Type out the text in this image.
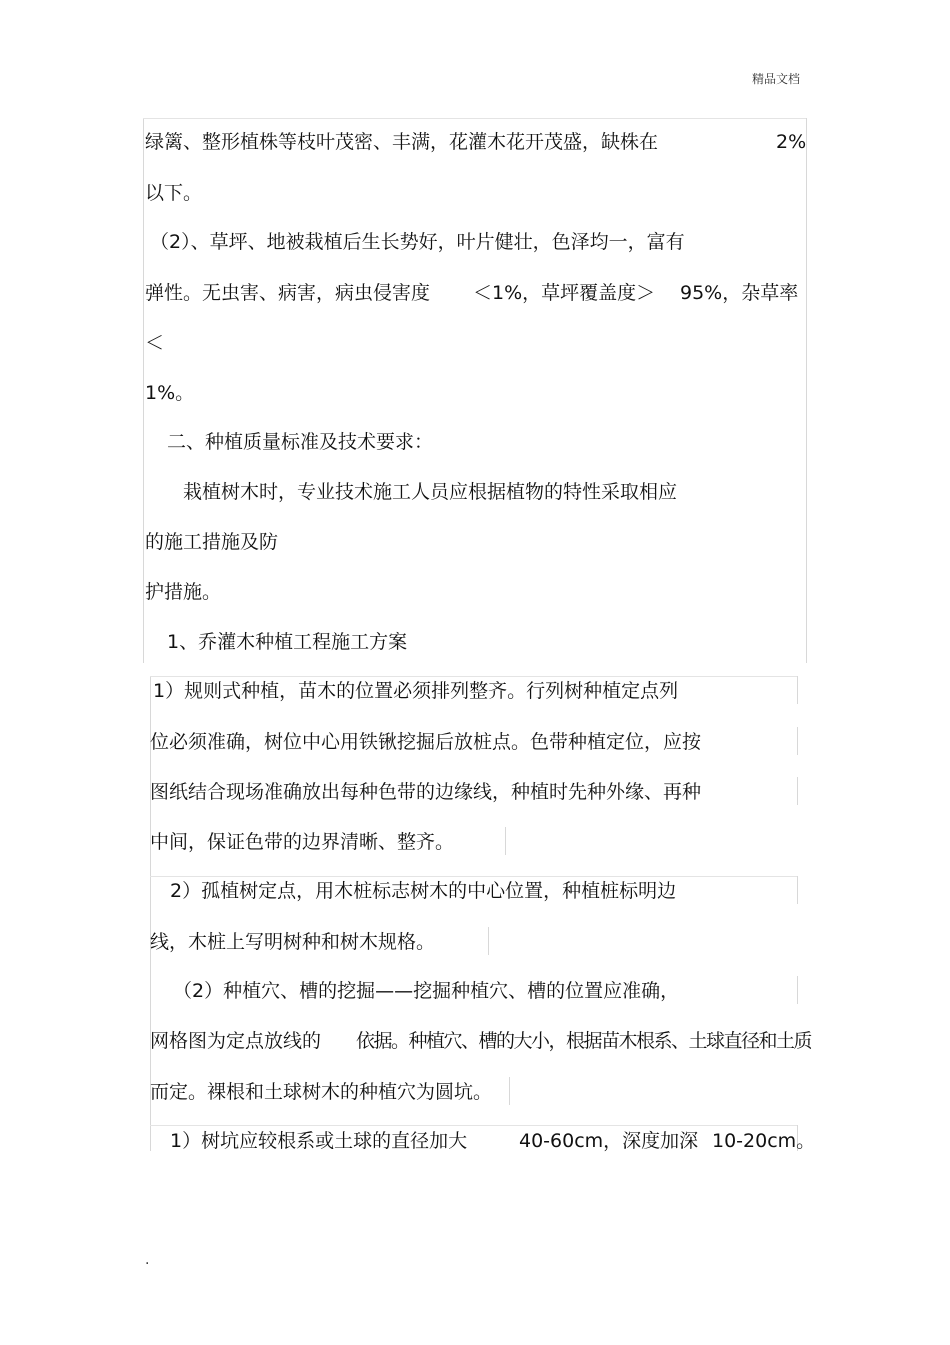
精品文档
绿篱、整形植株等枝叶茂密、丰满，花灌木花开茂盛，缺株在	2%
以下。
（2）、草坪、地被栽植后生长势好，叶片健壮，色泽均一，富有
弹性。无虫害、病害，病虫侵害度 ＜1%，草坪覆盖度＞ 95%，杂草率
＜
1%。
二、种植质量标准及技术要求：
栽植树木时，专业技术施工人员应根据植物的特性采取相应
的施工措施及防
护措施。
1、乔灌木种植工程施工方案
1）规则式种植，苗木的位置必须排列整齐。行列树种植定点列
位必须准确，树位中心用铁锹挖掘后放桩点。色带种植定位，应按
图纸结合现场准确放出每种色带的边缘线，种植时先种外缘、再种
中间，保证色带的边界清晰、整齐。
2）孤植树定点，用木桩标志树木的中心位置，种植桩标明边
线，木桩上写明树种和树木规格。
（2）种植穴、槽的挖掘——挖掘种植穴、槽的位置应准确，
网格图为定点放线的 依据。种植穴、槽的大小，根据苗木根系、土球直径和土质
而定。裸根和土球树木的种植穴为圆坑。
1）树坑应较根系或土球的直径加大	40-60cm，深度加深 10-20cm。
.
